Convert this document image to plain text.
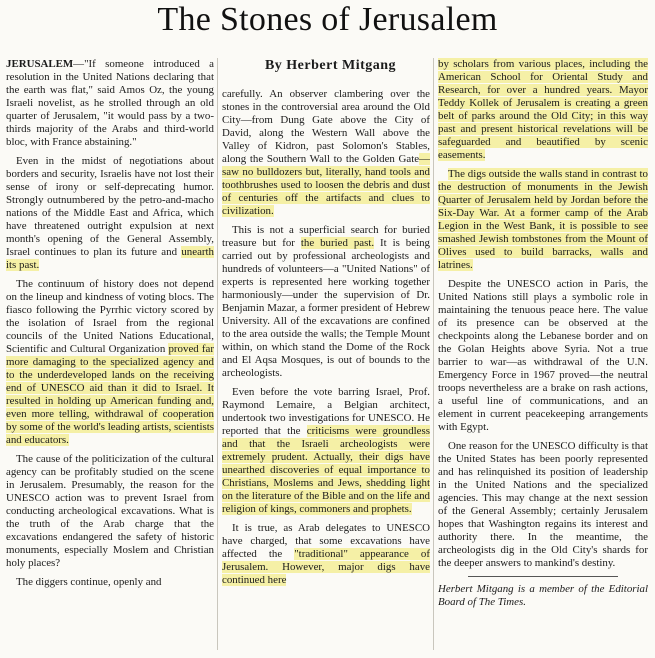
The Stones of Jerusalem

JERUSALEM—"If someone introduced a resolution in the United Nations declaring that the earth was flat," said Amos Oz, the young Israeli novelist, as he strolled through an old quarter of Jerusalem, "it would pass by a two-thirds majority of the Arabs and third-world bloc, with France abstaining."

Even in the midst of negotiations about borders and security, Israelis have not lost their sense of irony or self-deprecating humor. Strongly outnumbered by the petro-and-macho nations of the Middle East and Africa, which have threatened outright expulsion at next month's opening of the General Assembly, Israel continues to plan its future and unearth its past.

The continuum of history does not depend on the lineup and kindness of voting blocs. The fiasco following the Pyrrhic victory scored by the isolation of Israel from the regional councils of the United Nations Educational, Scientific and Cultural Organization proved far more damaging to the specialized agency and to the underdeveloped lands on the receiving end of UNESCO aid than it did to Israel. It resulted in holding up American funding and, even more telling, withdrawal of cooperation by some of the world's leading artists, scientists and educators.

The cause of the politicization of the cultural agency can be profitably studied on the scene in Jerusalem. Presumably, the reason for the UNESCO action was to prevent Israel from conducting archeological excavations. What is the truth of the Arab charge that the excavations endangered the safety of historic monuments, especially Moslem and Christian holy places?

The diggers continue, openly and

By Herbert Mitgang

carefully. An observer clambering over the stones in the controversial area around the Old City—from Dung Gate above the City of David, along the Western Wall above the Valley of Kidron, past Solomon's Stables, along the Southern Wall to the Golden Gate—saw no bulldozers but, literally, hand tools and toothbrushes used to loosen the debris and dust of centuries off the artifacts and clues to civilization.

This is not a superficial search for buried treasure but for the buried past. It is being carried out by professional archeologists and hundreds of volunteers—a "United Nations" of experts is represented here working together harmoniously—under the supervision of Dr. Benjamin Mazar, a former president of Hebrew University. All of the excavations are confined to the area outside the walls; the Temple Mount within, on which stand the Dome of the Rock and El Aqsa Mosques, is out of bounds to the archeologists.

Even before the vote barring Israel, Prof. Raymond Lemaire, a Belgian architect, undertook two investigations for UNESCO. He reported that the criticisms were groundless and that the Israeli archeologists were extremely prudent. Actually, their digs have unearthed discoveries of equal importance to Christians, Moslems and Jews, shedding light on the literature of the Bible and on the life and religion of kings, commoners and prophets.

It is true, as Arab delegates to UNESCO have charged, that some excavations have affected the "traditional" appearance of Jerusalem. However, major digs have continued here

by scholars from various places, including the American School for Oriental Study and Research, for over a hundred years. Mayor Teddy Kollek of Jerusalem is creating a green belt of parks around the Old City; in this way past and present historical revelations will be safeguarded and beautified by scenic easements.

The digs outside the walls stand in contrast to the destruction of monuments in the Jewish Quarter of Jerusalem held by Jordan before the Six-Day War. At a former camp of the Arab Legion in the West Bank, it is possible to see smashed Jewish tombstones from the Mount of Olives used to build barracks, walls and latrines.

Despite the UNESCO action in Paris, the United Nations still plays a symbolic role in maintaining the tenuous peace here. The value of its presence can be observed at the checkpoints along the Lebanese border and on the Golan Heights above Syria. Not a true barrier to war—as withdrawal of the U.N. Emergency Force in 1967 proved—the neutral troops nevertheless are a brake on rash actions, a useful line of communications, and an element in current peacekeeping arrangements with Egypt.

One reason for the UNESCO difficulty is that the United States has been poorly represented and has relinquished its position of leadership in the United Nations and the specialized agencies. This may change at the next session of the General Assembly; certainly Jerusalem hopes that Washington regains its interest and authority there. In the meantime, the archeologists dig in the Old City's shards for the deeper answers to mankind's destiny.

Herbert Mitgang is a member of the Editorial Board of The Times.
